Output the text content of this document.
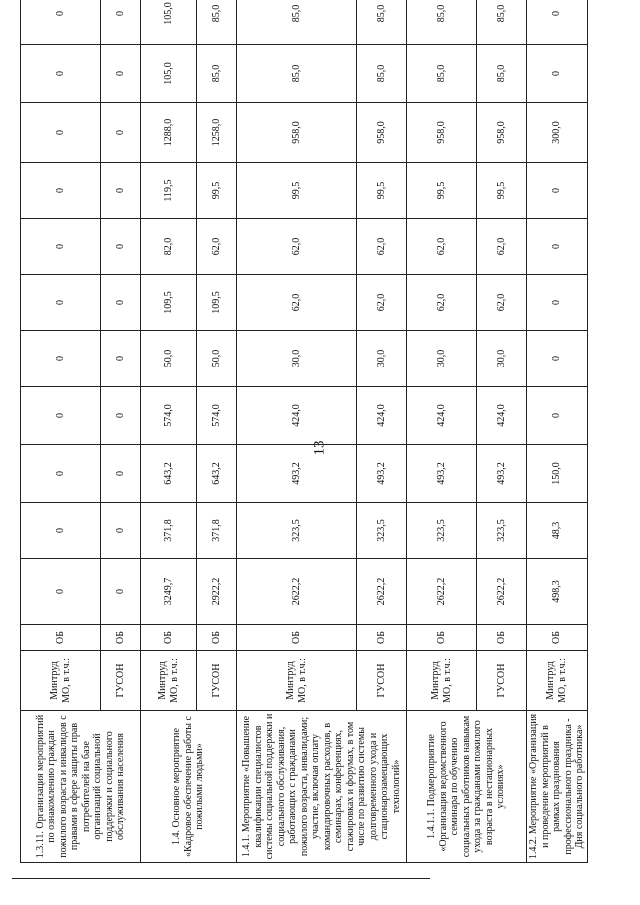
13
1.3.11. Организация мероприятий по ознакомлению граждан пожилого возраста и инвалидов с правами в сфере защиты прав потребителей на базе организаций социальной поддержки и социального обслуживания населения	Минтруд МО, в т.ч.:	ОБ	0	0	0	0	0	0	0	0	0	0	0
	ГУСОН	ОБ	0	0	0	0	0	0	0	0	0	0	0
1.4. Основное мероприятие «Кадровое обеспечение работы с пожилыми людьми»	Минтруд МО, в т.ч.:	ОБ	3249,7	371,8	643,2	574,0	50,0	109,5	82,0	119,5	1288,0	105,0	105,0
	ГУСОН	ОБ	2922,2	371,8	643,2	574,0	50,0	109,5	62,0	99,5	1258,0	85,0	85,0
1.4.1. Мероприятие «Повышение квалификации специалистов системы социальной поддержки и социального обслуживания, работающих с гражданами пожилого возраста, инвалидами; участие, включая оплату командировочных расходов, в семинарах, конференциях, стажировках и форумах, в том числе по развитию системы долговременного ухода и стационарозамещающих технологий»	Минтруд МО, в т.ч.:	ОБ	2622,2	323,5	493,2	424,0	30,0	62,0	62,0	99,5	958,0	85,0	85,0
	ГУСОН	ОБ	2622,2	323,5	493,2	424,0	30,0	62,0	62,0	99,5	958,0	85,0	85,0
1.4.1.1. Подмероприятие «Организация ведомственного семинара по обучению социальных работников навыкам ухода за гражданами пожилого возраста в нестационарных условиях»	Минтруд МО, в т.ч.:	ОБ	2622,2	323,5	493,2	424,0	30,0	62,0	62,0	99,5	958,0	85,0	85,0
	ГУСОН	ОБ	2622,2	323,5	493,2	424,0	30,0	62,0	62,0	99,5	958,0	85,0	85,0
1.4.2. Мероприятие «Организация и проведение мероприятий в рамках празднования профессионального праздника - Дня социального работника»	Минтруд МО, в т.ч.:	ОБ	498,3	48,3	150,0	0	0	0	0	0	300,0	0	0
